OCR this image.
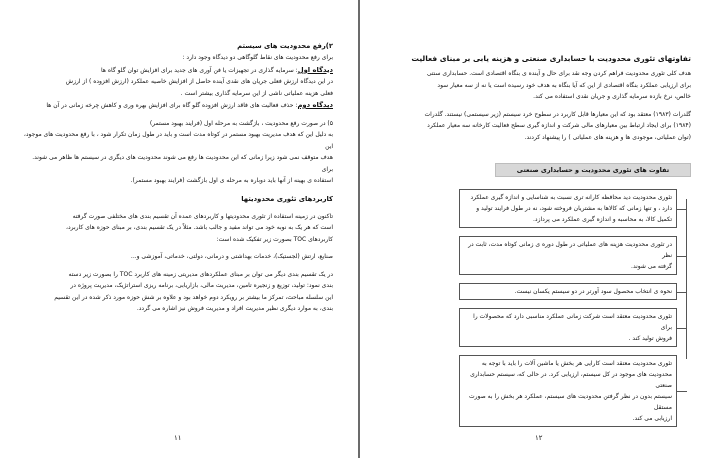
۲)رفع محدودیت های سیستم
برای رفع محدودیت های نقاط گلوگاهی دو دیدگاه وجود دارد :
دیدگاه اول: سرمایه گذاری در تجهیزات یا فن آوری های جدید برای افزایش توان گلو گاه ها
در این دیدگاه ارزش فعلی جریان های نقدی آینده حاصل از افزایش خاصیه عملکرد (ارزش افزوده ) از ارزش
فعلی هزینه عملیاتی ناشی از این سرمایه گذاری بیشتر است .
دیدگاه دوم: حذف فعالیت های فاقد ارزش افزوده گلو گاه برای افزایش بهره وری و کاهش چرخه زمانی در آن ها
۵) در صورت رفع محدودیت ، بازگشت به مرحله اول (فرایند بهبود مستمر)
به دلیل این که هدف مدیریت بهبود مستمر در کوتاه مدت است و باید در طول زمان تکرار شود ، با رفع محدودیت های موجود، این
هدف متوقف نمی شود زیرا زمانی که این محدودیت ها رفع می شوند محدودیت های دیگری در سیستم ها ظاهر می شوند. برای
استفاده ی بهینه از آنها باید دوباره به مرحله ی اول بازگشت (فرایند بهبود مستمر).
کاربردهای تئوری محدودیتها
تاکنون در زمینه استفاده از تئوری محدودیتها و کاربردهای عمده آن تقسیم بندی های مختلفی صورت گرفته
است که هر یک به نوبه خود می تواند مفید و جالب باشد. مثلاً در یک تقسیم بندی، بر مبنای حوزه های کاربرد،
کاربردهای TOC بصورت زیر تفکیک شده است:
صنایع، ارتش (لجستیک)، خدمات بهداشتی و درمانی، دولتی، خدماتی، آموزشی و...
در یک تقسیم بندی دیگر می توان بر مبنای عملکردهای مدیریتی زمینه های کاربرد TOC را بصورت زیر دسته
بندی نمود: تولید، توزیع و زنجیره تامین، مدیریت مالی، بازاریابی، برنامه ریزی استراتژیک، مدیریت پروژه در
این سلسله مباحث، تمرکز ما بیشتر بر رویکرد دوم خواهد بود و علاوه بر شش حوزه مورد ذکر شده در این تقسیم
بندی، به موارد دیگری نظیر مدیریت افراد و مدیریت فروش نیز اشاره می گردد.
۱۱
تفاوتهای تئوری محدودیت با حسابداری صنعتی و هزینه یابی بر مبنای فعالیت
هدف کلی تئوری محدودیت فراهم کردن وجه نقد برای حال و آینده ی بنگاه اقتصادی است. حسابداری سنتی
برای ارزیابی عملکرد بنگاه اقتصادی از این که آیا بنگاه به هدف خود رسیده است یا نه از سه معیار سود
خالص، نرخ بازده سرمایه گذاری و جریان نقدی استفاده می کند.
گلدرات (۱۹۸۳) معتقد بود که این معیارها قابل کاربرد در سطوح خرد سیستم (زیر سیستمی) نیستند. گلدرات
(۱۹۸۴) برای ایجاد ارتباط بین معیارهای مالی شرکت و اندازه گیری سطح فعالیت کارخانه سه معیار عملکرد
(توان عملیاتی، موجودی ها و هزینه های عملیاتی ) را پیشنهاد کردند.
تفاوت های تئوری محدودیت و حسابداری صنعتی
تئوری محدودیت دید محافظه کارانه تری نسبت به شناسایی و اندازه گیری عملکرد
دارد ، و تنها زمانی که کالاها به مشتریان فروخته شود، نه در طول فرایند تولید و
تکمیل کالا، به محاسبه و اندازه گیری عملکرد می پردازد.
در تئوری محدودیت هزینه های عملیاتی در طول دوره ی زمانی کوتاه مدت، ثابت در نظر
گرفته می شوند.
نحوه ی انتخاب محصول سود آورتر در دو سیستم یکسان نیست.
تئوری محدودیت معتقد است شرکت زمانی عملکرد مناسبی دارد که محصولات را برای
فروش تولید کند .
تئوری محدودیت معتقد است کارایی هر بخش یا ماشین آلات را باید با توجه به
محدودیت های موجود در کل سیستم، ارزیابی کرد. در حالی که، سیستم حسابداری صنعتی
سیستم بدون در نظر گرفتن محدودیت های سیستم، عملکرد هر بخش را به صورت مستقل
ارزیابی می کند.
۱۲
